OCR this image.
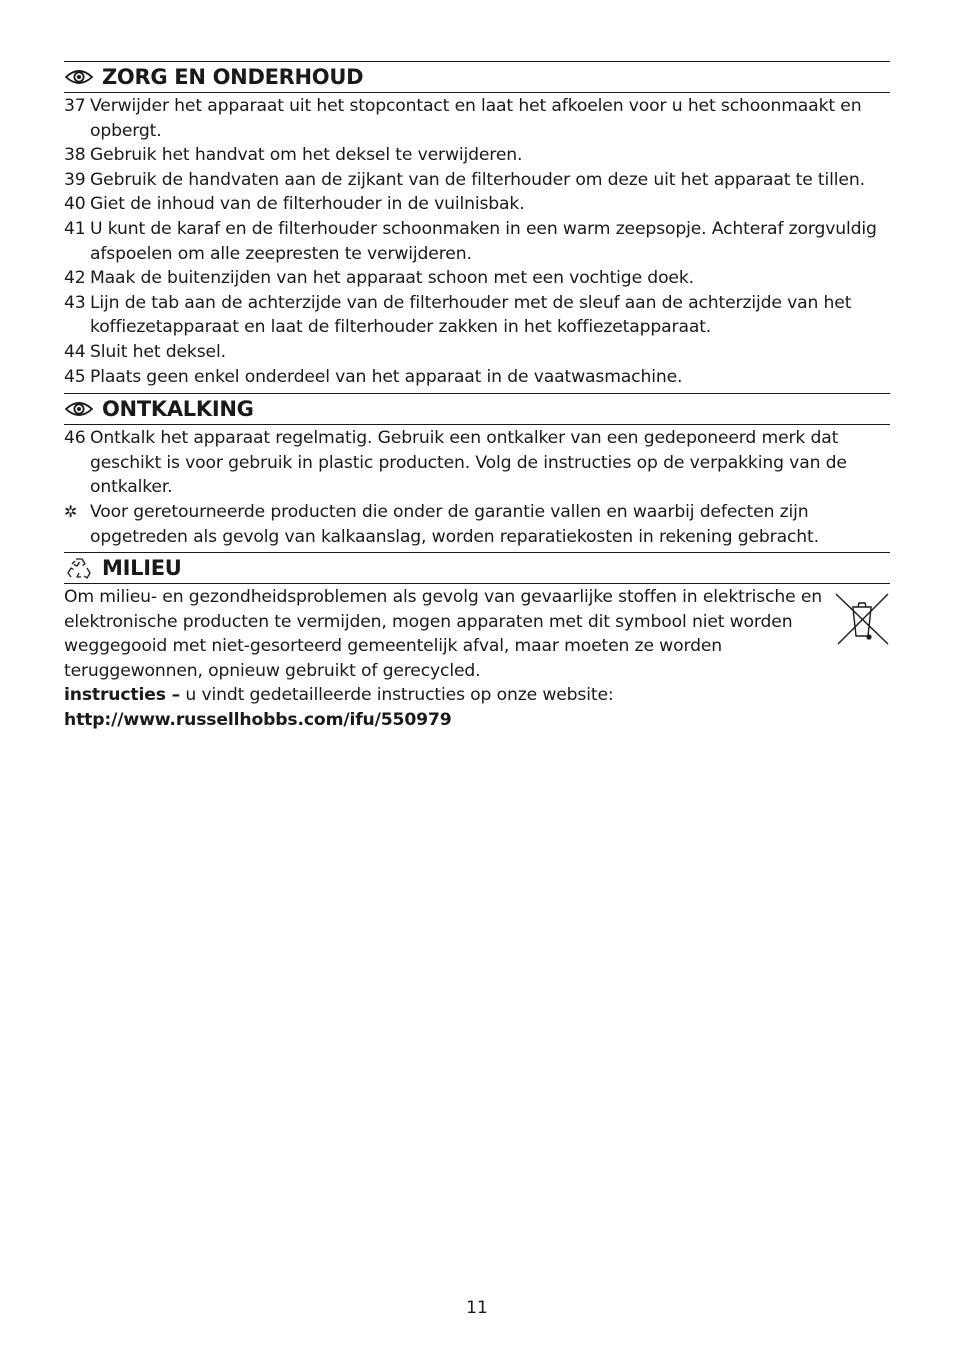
ZORG EN ONDERHOUD
37 Verwijder het apparaat uit het stopcontact en laat het afkoelen voor u het schoonmaakt en opbergt.
38 Gebruik het handvat om het deksel te verwijderen.
39 Gebruik de handvaten aan de zijkant van de filterhouder om deze uit het apparaat te tillen.
40 Giet de inhoud van de filterhouder in de vuilnisbak.
41 U kunt de karaf en de filterhouder schoonmaken in een warm zeepsopje. Achteraf zorgvuldig afspoelen om alle zeepresten te verwijderen.
42 Maak de buitenzijden van het apparaat schoon met een vochtige doek.
43 Lijn de tab aan de achterzijde van de filterhouder met de sleuf aan de achterzijde van het koffiezetapparaat en laat de filterhouder zakken in het koffiezetapparaat.
44 Sluit het deksel.
45 Plaats geen enkel onderdeel van het apparaat in de vaatwasmachine.
ONTKALKING
46 Ontkalk het apparaat regelmatig. Gebruik een ontkalker van een gedeponeerd merk dat geschikt is voor gebruik in plastic producten. Volg de instructies op de verpakking van de ontkalker.
✲ Voor geretourneerde producten die onder de garantie vallen en waarbij defecten zijn opgetreden als gevolg van kalkaanslag, worden reparatiekosten in rekening gebracht.
MILIEU
Om milieu- en gezondheidsproblemen als gevolg van gevaarlijke stoffen in elektrische en elektronische producten te vermijden, mogen apparaten met dit symbool niet worden weggegooid met niet-gesorteerd gemeentelijk afval, maar moeten ze worden teruggewonnen, opnieuw gebruikt of gerecycled.
instructies – u vindt gedetailleerde instructies op onze website:
http://www.russellhobbs.com/ifu/550979
11
